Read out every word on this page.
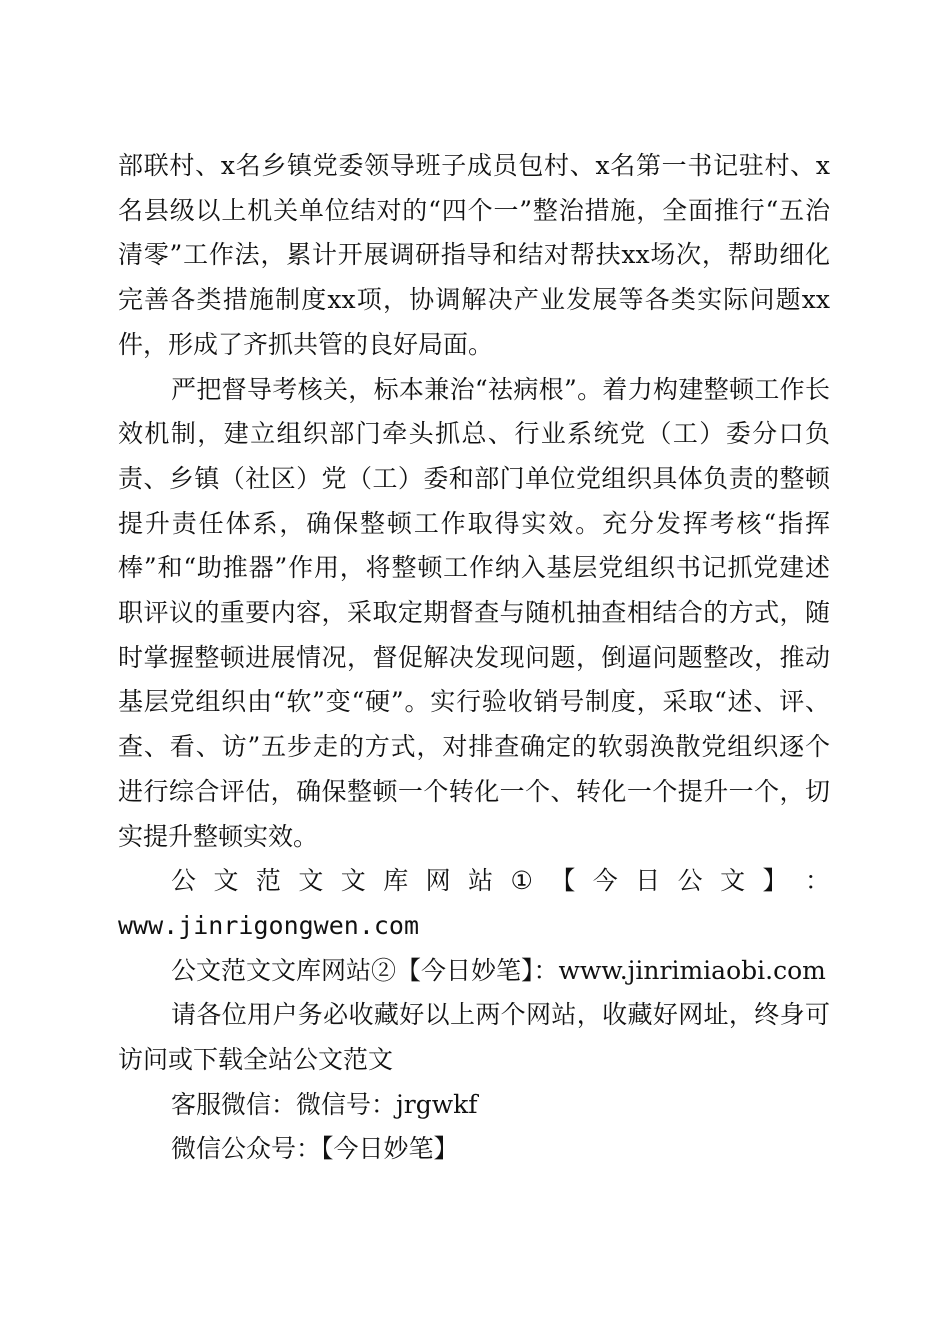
部联村、x名乡镇党委领导班子成员包村、x名第一书记驻村、x名县级以上机关单位结对的“四个一”整治措施，全面推行“五治清零”工作法，累计开展调研指导和结对帮扶xx场次，帮助细化完善各类措施制度xx项，协调解决产业发展等各类实际问题xx件，形成了齐抓共管的良好局面。

严把督导考核关，标本兼治“祛病根”。着力构建整顿工作长效机制，建立组织部门牵头抓总、行业系统党（工）委分口负责、乡镇（社区）党（工）委和部门单位党组织具体负责的整顿提升责任体系，确保整顿工作取得实效。充分发挥考核“指挥棒”和“助推器”作用，将整顿工作纳入基层党组织书记抓党建述职评议的重要内容，采取定期督查与随机抽查相结合的方式，随时掌握整顿进展情况，督促解决发现问题，倒逼问题整改，推动基层党组织由“软”变“硬”。实行验收销号制度，采取“述、评、查、看、访”五步走的方式，对排查确定的软弱涣散党组织逐个进行综合评估，确保整顿一个转化一个、转化一个提升一个，切实提升整顿实效。

公 文 范 文 文 库 网 站 ① 【 今 日 公 文 】 ：
www.jinrigongwen.com

公文范文文库网站②【今日妙笔】：www.jinrimiaobi.com

请各位用户务必收藏好以上两个网站，收藏好网址，终身可访问或下载全站公文范文

客服微信：微信号：jrgwkf

微信公众号：【今日妙笔】
